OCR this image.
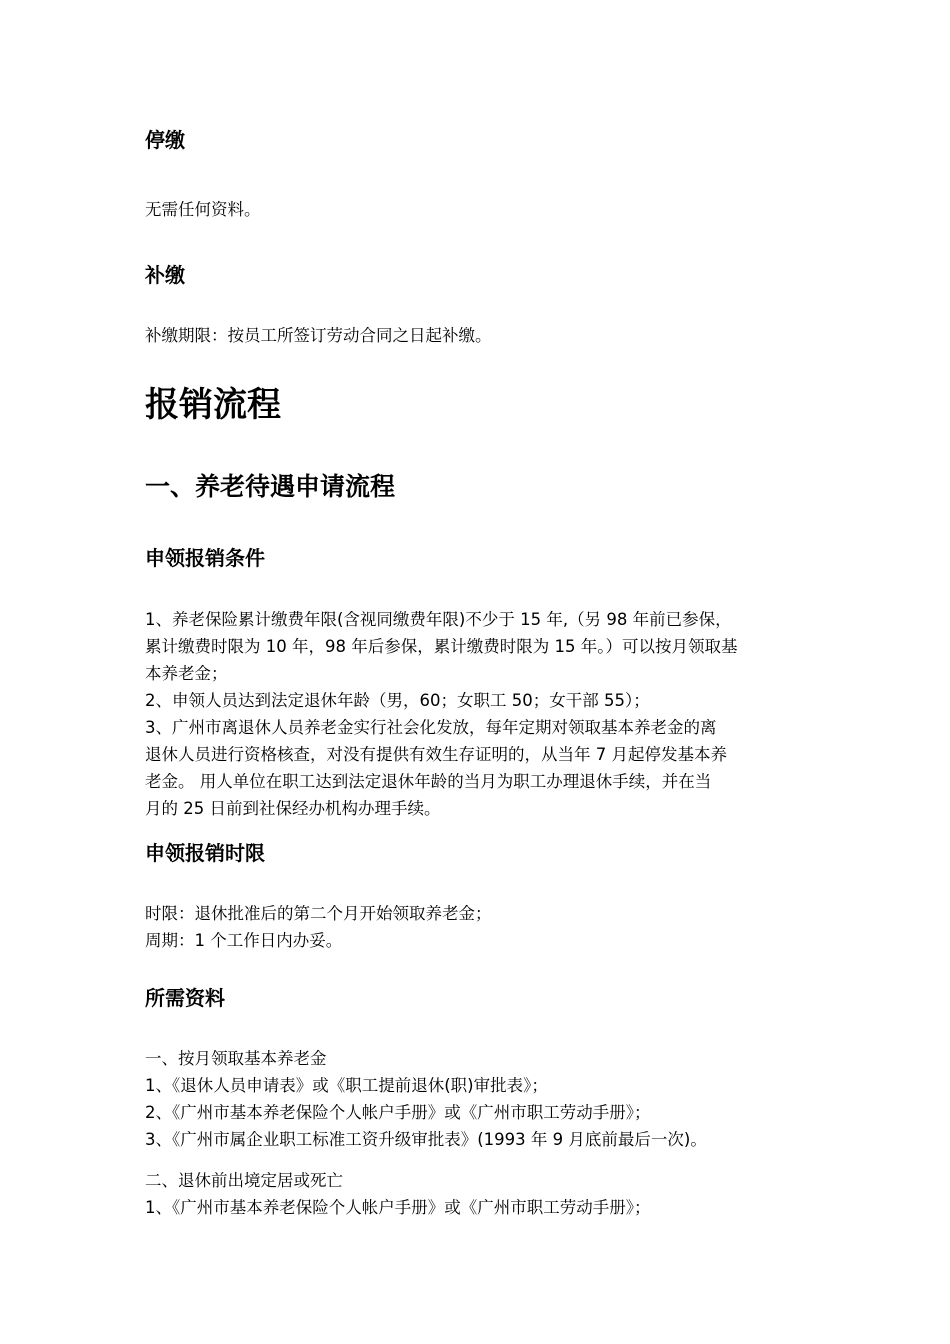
停缴
无需任何资料。
补缴
补缴期限：按员工所签订劳动合同之日起补缴。
报销流程
一、养老待遇申请流程
申领报销条件
1、养老保险累计缴费年限(含视同缴费年限)不少于 15 年,（另 98 年前已参保，
累计缴费时限为 10 年，98 年后参保，累计缴费时限为 15 年。）可以按月领取基
本养老金；
2、申领人员达到法定退休年龄（男，60；女职工 50；女干部 55）；
3、广州市离退休人员养老金实行社会化发放，每年定期对领取基本养老金的离
退休人员进行资格核查，对没有提供有效生存证明的，从当年 7 月起停发基本养
老金。 用人单位在职工达到法定退休年龄的当月为职工办理退休手续，并在当
月的 25 日前到社保经办机构办理手续。
申领报销时限
时限：退休批准后的第二个月开始领取养老金；
周期：1 个工作日内办妥。
所需资料
一、按月领取基本养老金
1、《退休人员申请表》或《职工提前退休(职)审批表》；
2、《广州市基本养老保险个人帐户手册》或《广州市职工劳动手册》；
3、《广州市属企业职工标准工资升级审批表》(1993 年 9 月底前最后一次)。
二、退休前出境定居或死亡
1、《广州市基本养老保险个人帐户手册》或《广州市职工劳动手册》；
